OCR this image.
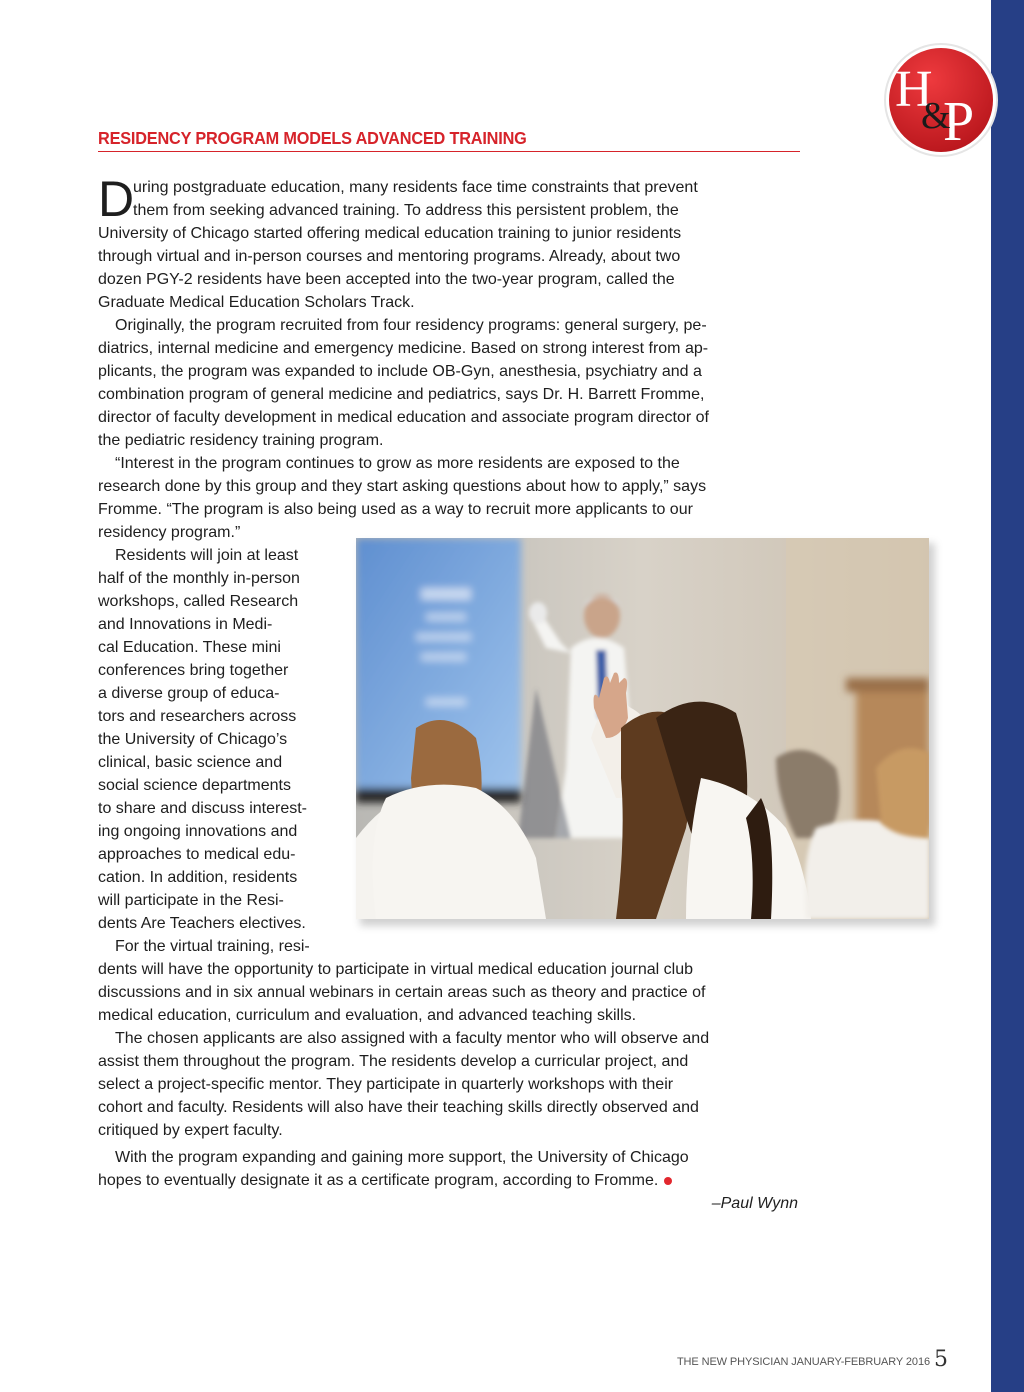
H
P
&
RESIDENCY PROGRAM MODELS ADVANCED TRAINING
D
uring postgraduate education, many residents face time constraints that prevent
them from seeking advanced training. To address this persistent problem, the
University of Chicago started offering medical education training to junior residents
through virtual and in-person courses and mentoring programs. Already, about two
dozen PGY-2 residents have been accepted into the two-year program, called the
Graduate Medical Education Scholars Track.
Originally, the program recruited from four residency programs: general surgery, pe-
diatrics, internal medicine and emergency medicine. Based on strong interest from ap-
plicants, the program was expanded to include OB-Gyn, anesthesia, psychiatry and a
combination program of general medicine and pediatrics, says Dr. H. Barrett Fromme,
director of faculty development in medical education and associate program director of
the pediatric residency training program.
“Interest in the program continues to grow as more residents are exposed to the
research done by this group and they start asking questions about how to apply,” says
Fromme. “The program is also being used as a way to recruit more applicants to our
residency program.”
Residents will join at least
half of the monthly in-person
workshops, called Research
and Innovations in Medi-
cal Education. These mini
conferences bring together
a diverse group of educa-
tors and researchers across
the University of Chicago’s
clinical, basic science and
social science departments
to share and discuss interest-
ing ongoing innovations and
approaches to medical edu-
cation. In addition, residents
will participate in the Resi-
dents Are Teachers electives.
For the virtual training, resi-
dents will have the opportunity to participate in virtual medical education journal club
discussions and in six annual webinars in certain areas such as theory and practice of
medical education, curriculum and evaluation, and advanced teaching skills.
The chosen applicants are also assigned with a faculty mentor who will observe and
assist them throughout the program. The residents develop a curricular project, and
select a project-specific mentor. They participate in quarterly workshops with their
cohort and faculty. Residents will also have their teaching skills directly observed and
critiqued by expert faculty.
With the program expanding and gaining more support, the University of Chicago
hopes to eventually designate it as a certificate program, according to Fromme.
–Paul Wynn
THE NEW PHYSICIAN JANUARY-FEBRUARY 2016 5
